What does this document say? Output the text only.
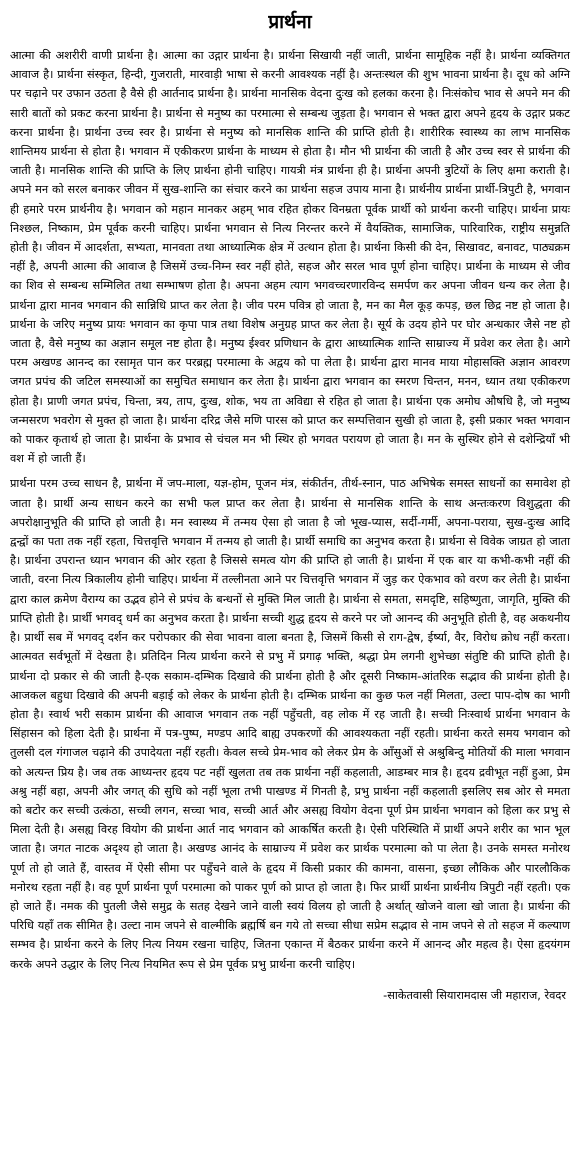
प्रार्थना

आत्मा की अशरीरी वाणी प्रार्थना है। आत्मा का उद्गार प्रार्थना है। प्रार्थना सिखायी नहीं जाती, प्रार्थना सामूहिक नहीं है। प्रार्थना व्यक्तिगत आवाज है। प्रार्थना संस्कृत, हिन्दी, गुजराती, मारवाड़ी भाषा से करनी आवश्यक नहीं है। अन्तःस्थल की शुभ भावना प्रार्थना है। दूध को अग्नि पर चढ़ाने पर उफान उठता है वैसे ही आर्तनाद प्रार्थना है। प्रार्थना मानसिक वेदना दुःख को हलका करना है। निःसंकोच भाव से अपने मन की सारी बातों को प्रकट करना प्रार्थना है। प्रार्थना से मनुष्य का परमात्मा से सम्बन्ध जुड़ता है। भगवान से भक्त द्वारा अपने हृदय के उद्गार प्रकट करना प्रार्थना है। प्रार्थना उच्च स्वर है। प्रार्थना से मनुष्य को मानसिक शान्ति की प्राप्ति होती है। शारीरिक स्वास्थ्य का लाभ मानसिक शान्तिमय प्रार्थना से होता है। भगवान में एकीकरण प्रार्थना के माध्यम से होता है। मौन भी प्रार्थना की जाती है और उच्च स्वर से प्रार्थना की जाती है। मानसिक शान्ति की प्राप्ति के लिए प्रार्थना होनी चाहिए। गायत्री मंत्र प्रार्थना ही है। प्रार्थना अपनी त्रुटियों के लिए क्षमा कराती है। अपने मन को सरल बनाकर जीवन में सुख-शान्ति का संचार करने का प्रार्थना सहज उपाय माना है। प्रार्थनीय प्रार्थना प्रार्थी-त्रिपुटी है, भगवान ही हमारे परम प्रार्थनीय है। भगवान को महान मानकर अहम् भाव रहित होकर विनम्रता पूर्वक प्रार्थी को प्रार्थना करनी चाहिए। प्रार्थना प्रायः निश्छल, निष्काम, प्रेम पूर्वक करनी चाहिए। प्रार्थना भगवान से नित्य निरन्तर करने में वैयक्तिक, सामाजिक, पारिवारिक, राष्ट्रीय समुन्नति होती है। जीवन में आदर्शता, सभ्यता, मानवता तथा आध्यात्मिक क्षेत्र में उत्थान होता है। प्रार्थना किसी की देन, सिखावट, बनावट, पाठ्यक्रम नहीं है, अपनी आत्मा की आवाज है जिसमें उच्च-निम्न स्वर नहीं होते, सहज और सरल भाव पूर्ण होना चाहिए। प्रार्थना के माध्यम से जीव का शिव से सम्बन्ध सम्मिलित तथा सम्भाषण होता है। अपना अहम त्याग भगवच्चरणारविन्द समर्पण कर अपना जीवन धन्य कर लेता है। प्रार्थना द्वारा मानव भगवान की सान्निधि प्राप्त कर लेता है। जीव परम पवित्र हो जाता है, मन का मैल कूड़ कपड़, छल छिद्र नष्ट हो जाता है। प्रार्थना के जरिए मनुष्य प्रायः भगवान का कृपा पात्र तथा विशेष अनुग्रह प्राप्त कर लेता है। सूर्य के उदय होने पर घोर अन्धकार जैसे नष्ट हो जाता है, वैसे मनुष्य का अज्ञान समूल नष्ट होता है। मनुष्य ईश्वर प्रणिधान के द्वारा आध्यात्मिक शान्ति साम्राज्य में प्रवेश कर लेता है। आगे परम अखण्ड आनन्द का रसामृत पान कर परब्रह्म परमात्मा के अद्वय को पा लेता है। प्रार्थना द्वारा मानव माया मोहासक्ति अज्ञान आवरण जगत प्रपंच की जटिल समस्याओं का समुचित समाधान कर लेता है। प्रार्थना द्वारा भगवान का स्मरण चिन्तन, मनन, ध्यान तथा एकीकरण होता है। प्राणी जगत प्रपंच, चिन्ता, त्रय, ताप, दुःख, शोक, भय ता अविद्या से रहित हो जाता है। प्रार्थना एक अमोघ औषधि है, जो मनुष्य जन्मसरण भवरोग से मुक्त हो जाता है। प्रार्थना दरिद्र जैसे मणि पारस को प्राप्त कर सम्पत्तिवान सुखी हो जाता है, इसी प्रकार भक्त भगवान को पाकर कृतार्थ हो जाता है। प्रार्थना के प्रभाव से चंचल मन भी स्थिर हो भगवत परायण हो जाता है। मन के सुस्थिर होने से दशेन्द्रियाँ भी वश में हो जाती हैं।

प्रार्थना परम उच्च साधन है, प्रार्थना में जप-माला, यज्ञ-होम, पूजन मंत्र, संकीर्तन, तीर्थ-स्नान, पाठ अभिषेक समस्त साधनों का समावेश हो जाता है। प्रार्थी अन्य साधन करने का सभी फल प्राप्त कर लेता है। प्रार्थना से मानसिक शान्ति के साथ अन्तःकरण विशुद्धता की अपरोक्षानुभूति की प्राप्ति हो जाती है। मन स्वास्थ्य में तन्मय ऐसा हो जाता है जो भूख-प्यास, सर्दी-गर्मी, अपना-पराया, सुख-दुःख आदि द्वन्द्वों का पता तक नहीं रहता, चित्तवृत्ति भगवान में तन्मय हो जाती है। प्रार्थी समाधि का अनुभव करता है। प्रार्थना से विवेक जाग्रत हो जाता है। प्रार्थना उपरान्त ध्यान भगवान की ओर रहता है जिससे समत्व योग की प्राप्ति हो जाती है। प्रार्थना में एक बार या कभी-कभी नहीं की जाती, वरना नित्य त्रिकालीय होनी चाहिए। प्रार्थना में तल्लीनता आने पर चित्तवृत्ति भगवान में जुड़ कर ऐकभाव को वरण कर लेती है। प्रार्थना द्वारा काल क्रमेण वैराग्य का उद्भव होने से प्रपंच के बन्धनों से मुक्ति मिल जाती है। प्रार्थना से समता, समदृष्टि, सहिष्णुता, जागृति, मुक्ति की प्राप्ति होती है। प्रार्थी भगवद् धर्म का अनुभव करता है। प्रार्थना सच्ची शुद्ध हृदय से करने पर जो आनन्द की अनुभूति होती है, वह अकथनीय है। प्रार्थी सब में भगवद् दर्शन कर परोपकार की सेवा भावना वाला बनता है, जिसमें किसी से राग-द्वेष, ईर्ष्या, वैर, विरोध क्रोध नहीं करता। आत्मवत सर्वभूतों में देखता है। प्रतिदिन नित्य प्रार्थना करने से प्रभु में प्रगाढ़ भक्ति, श्रद्धा प्रेम लगनी शुभेच्छा संतुष्टि की प्राप्ति होती है। प्रार्थना दो प्रकार से की जाती है-एक सकाम-दम्भिक दिखावे की प्रार्थना होती है और दूसरी निष्काम-आंतरिक सद्भाव की प्रार्थना होती है। आजकल बहुधा दिखावे की अपनी बड़ाई को लेकर के प्रार्थना होती है। दम्भिक प्रार्थना का कुछ फल नहीं मिलता, उल्टा पाप-दोष का भागी होता है। स्वार्थ भरी सकाम प्रार्थना की आवाज भगवान तक नहीं पहुँचती, वह लोक में रह जाती है। सच्ची निःस्वार्थ प्रार्थना भगवान के सिंहासन को हिला देती है। प्रार्थना में पत्र-पुष्प, मण्डप आदि बाह्य उपकरणों की आवश्यकता नहीं रहती। प्रार्थना करते समय भगवान को तुलसी दल गंगाजल चढ़ाने की उपादेयता नहीं रहती। केवल सच्चे प्रेम-भाव को लेकर प्रेम के आँसुओं से अश्रुबिन्दु मोतियों की माला भगवान को अत्यन्त प्रिय है। जब तक आध्यन्तर हृदय पट नहीं खुलता तब तक प्रार्थना नहीं कहलाती, आडम्बर मात्र है। हृदय द्रवीभूत नहीं हुआ, प्रेम अश्रु नहीं बहा, अपनी और जगत् की सुधि को नहीं भूला तभी पाखण्ड में गिनती है, प्रभु प्रार्थना नहीं कहलाती इसलिए सब ओर से ममता को बटोर कर सच्ची उत्कंठा, सच्ची लगन, सच्चा भाव, सच्ची आर्त और असह्य वियोग वेदना पूर्ण प्रेम प्रार्थना भगवान को हिला कर प्रभु से मिला देती है। असह्य विरह वियोग की प्रार्थना आर्त नाद भगवान को आकर्षित करती है। ऐसी परिस्थिति में प्रार्थी अपने शरीर का भान भूल जाता है। जगत नाटक अदृश्य हो जाता है। अखण्ड आनंद के साम्राज्य में प्रवेश कर प्रार्थक परमात्मा को पा लेता है। उनके समस्त मनोरथ पूर्ण तो हो जाते हैं, वास्तव में ऐसी सीमा पर पहुँचने वाले के हृदय में किसी प्रकार की कामना, वासना, इच्छा लौकिक और पारलौकिक मनोरथ रहता नहीं है। वह पूर्ण प्रार्थना पूर्ण परमात्मा को पाकर पूर्ण को प्राप्त हो जाता है। फिर प्रार्थी प्रार्थना प्रार्थनीय त्रिपुटी नहीं रहती। एक हो जाते हैं। नमक की पुतली जैसे समुद्र के सतह देखने जाने वाली स्वयं विलय हो जाती है अर्थात् खोजने वाला खो जाता है। प्रार्थना की परिधि यहाँ तक सीमित है। उल्टा नाम जपने से वाल्मीकि ब्रह्मर्षि बन गये तो सच्चा सीधा सप्रेम सद्भाव से नाम जपने से तो सहज में कल्याण सम्भव है। प्रार्थना करने के लिए नित्य नियम रखना चाहिए, जितना एकान्त में बैठकर प्रार्थना करने में आनन्द और महत्व है। ऐसा हृदयंगम करके अपने उद्धार के लिए नित्य नियमित रूप से प्रेम पूर्वक प्रभु प्रार्थना करनी चाहिए।

-साकेतवासी सियारामदास जी महाराज, रेवदर
